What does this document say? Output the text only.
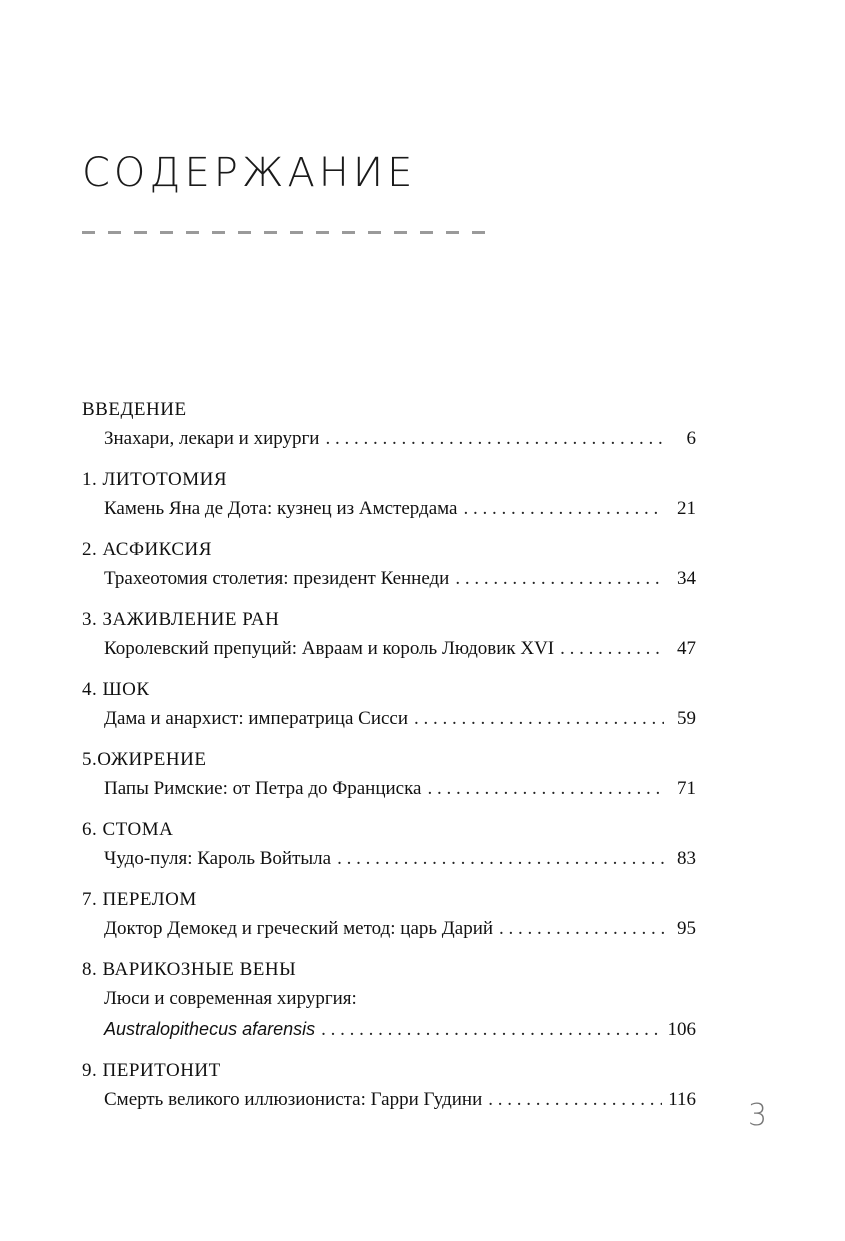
СОДЕРЖАНИЕ
ВВЕДЕНИЕ
Знахари, лекари и хирурги . . .	6
1. ЛИТОТОМИЯ
Камень Яна де Дота: кузнец из Амстердама . . .	21
2. АСФИКСИЯ
Трахеотомия столетия: президент Кеннеди . . .	34
3. ЗАЖИВЛЕНИЕ РАН
Королевский препуций: Авраам и король Людовик XVI . . .	47
4. ШОК
Дама и анархист: императрица Сисси . . .	59
5.ОЖИРЕНИЕ
Папы Римские: от Петра до Франциска . . .	71
6. СТОМА
Чудо-пуля: Кароль Войтыла . . .	83
7. ПЕРЕЛОМ
Доктор Демокед и греческий метод: царь Дарий . . .	95
8. ВАРИКОЗНЫЕ ВЕНЫ
Люси и современная хирургия:
Australopithecus afarensis . . .	106
9. ПЕРИТОНИТ
Смерть великого иллюзиониста: Гарри Гудини . . .	116 3
